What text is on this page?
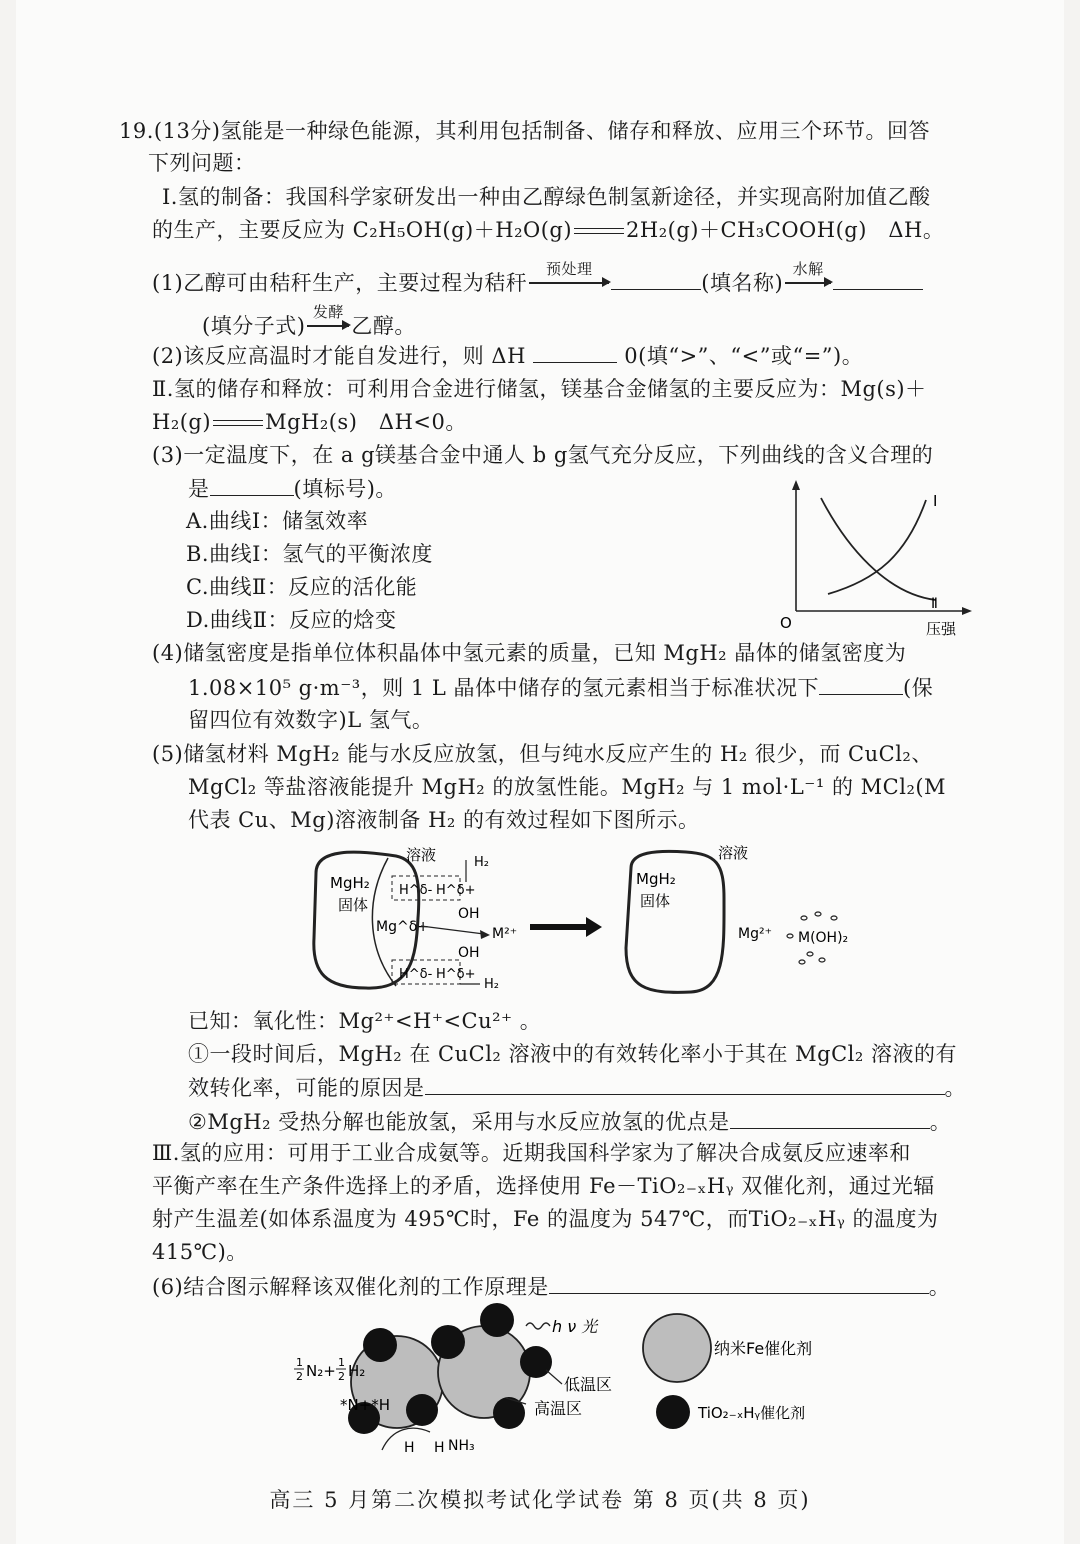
19.(13分)氢能是一种绿色能源，其利用包括制备、储存和释放、应用三个环节。回答
下列问题：
Ⅰ.氢的制备：我国科学家研发出一种由乙醇绿色制氢新途径，并实现高附加值乙酸
的生产，主要反应为 C₂H₅OH(g)＋H₂O(g)	2H₂(g)＋CH₃COOH(g)　ΔH。
(1)乙醇可由秸秆生产，主要过程为秸秆
预处理
(填名称)
水解
(填分子式)
发酵
乙醇。
(2)该反应高温时才能自发进行，则 ΔH	0(填“>”、“<”或“=”)。
Ⅱ.氢的储存和释放：可利用合金进行储氢，镁基合金储氢的主要反应为：Mg(s)＋
H₂(g)	MgH₂(s)　ΔH<0。
(3)一定温度下，在 a g镁基合金中通人 b g氢气充分反应，下列曲线的含义合理的
是	(填标号)。
A.曲线Ⅰ：储氢效率
B.曲线Ⅰ：氢气的平衡浓度
C.曲线Ⅱ：反应的活化能
D.曲线Ⅱ：反应的焓变
Ⅰ
Ⅱ
O	压强
(4)储氢密度是指单位体积晶体中氢元素的质量，已知 MgH₂ 晶体的储氢密度为
1.08×10⁵ g·m⁻³，则 1 L 晶体中储存的氢元素相当于标准状况下	(保
留四位有效数字)L 氢气。
(5)储氢材料 MgH₂ 能与水反应放氢，但与纯水反应产生的 H₂ 很少，而 CuCl₂、
MgCl₂ 等盐溶液能提升 MgH₂ 的放氢性能。MgH₂ 与 1 mol·L⁻¹ 的 MCl₂(M
代表 Cu、Mg)溶液制备 H₂ 的有效过程如下图所示。
MgH₂
固体
溶液	H₂
H^δ- H^δ+
OH
Mg^δ+	M²⁺
OH
H^δ- H^δ+
H₂
MgH₂
固体
溶液
Mg²⁺ M(OH)₂
已知：氧化性：Mg²⁺<H⁺<Cu²⁺ 。
①一段时间后，MgH₂ 在 CuCl₂ 溶液中的有效转化率小于其在 MgCl₂ 溶液的有
效转化率，可能的原因是	。
②MgH₂ 受热分解也能放氢，采用与水反应放氢的优点是	。
Ⅲ.氢的应用：可用于工业合成氨等。近期我国科学家为了解决合成氨反应速率和
平衡产率在生产条件选择上的矛盾，选择使用 Fe－TiO₂₋ₓHᵧ 双催化剂，通过光辐
射产生温差(如体系温度为 495℃时，Fe 的温度为 547℃，而TiO₂₋ₓHᵧ 的温度为
415℃)。
(6)结合图示解释该双催化剂的工作原理是	。
h ν 光
低温区
高温区
1
2 N₂+ 1
2 H₂
*N+*H
H H NH₃
纳米Fe催化剂
TiO₂₋ₓHᵧ催化剂
高三 5 月第二次模拟考试化学试卷 第 8 页(共 8 页)
